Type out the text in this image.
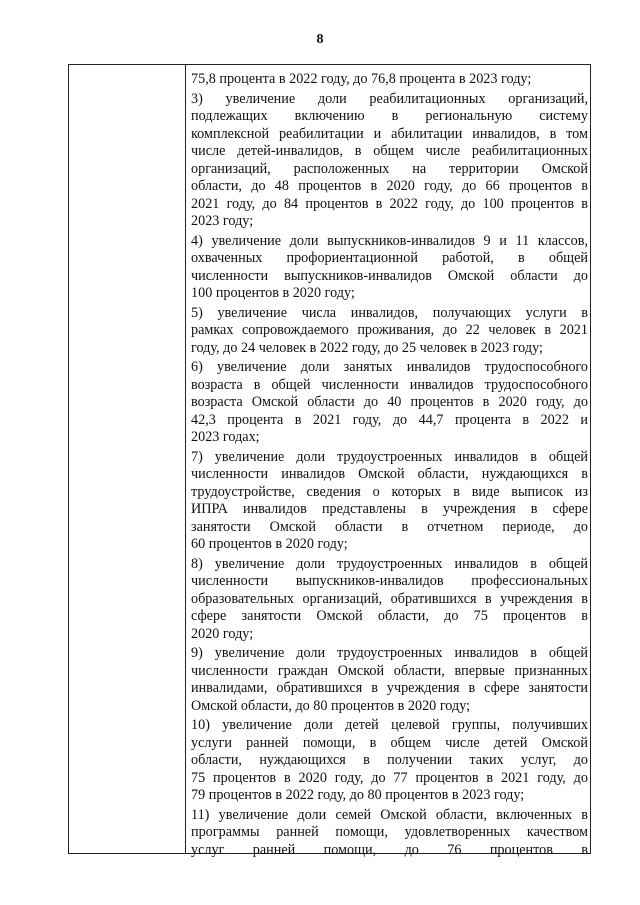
8
75,8 процента в 2022 году, до 76,8 процента в 2023 году;
3) увеличение доли реабилитационных организаций,
подлежащих включению в региональную систему
комплексной реабилитации и абилитации инвалидов, в том
числе детей-инвалидов, в общем числе реабилитационных
организаций, расположенных на территории Омской
области, до 48 процентов в 2020 году, до 66 процентов в
2021 году, до 84 процентов в 2022 году, до 100 процентов в
2023 году;
4) увеличение доли выпускников-инвалидов 9 и 11 классов,
охваченных профориентационной работой, в общей
численности выпускников-инвалидов Омской области до
100 процентов в 2020 году;
5) увеличение числа инвалидов, получающих услуги в
рамках сопровождаемого проживания, до 22 человек в 2021
году, до 24 человек в 2022 году, до 25 человек в 2023 году;
6) увеличение доли занятых инвалидов трудоспособного
возраста в общей численности инвалидов трудоспособного
возраста Омской области до 40 процентов в 2020 году, до
42,3 процента в 2021 году, до 44,7 процента в 2022 и
2023 годах;
7) увеличение доли трудоустроенных инвалидов в общей
численности инвалидов Омской области, нуждающихся в
трудоустройстве, сведения о которых в виде выписок из
ИПРА инвалидов представлены в учреждения в сфере
занятости Омской области в отчетном периоде, до
60 процентов в 2020 году;
8) увеличение доли трудоустроенных инвалидов в общей
численности выпускников-инвалидов профессиональных
образовательных организаций, обратившихся в учреждения в
сфере занятости Омской области, до 75 процентов в
2020 году;
9) увеличение доли трудоустроенных инвалидов в общей
численности граждан Омской области, впервые признанных
инвалидами, обратившихся в учреждения в сфере занятости
Омской области, до 80 процентов в 2020 году;
10) увеличение доли детей целевой группы, получивших
услуги ранней помощи, в общем числе детей Омской
области, нуждающихся в получении таких услуг, до
75 процентов в 2020 году, до 77 процентов в 2021 году, до
79 процентов в 2022 году, до 80 процентов в 2023 году;
11) увеличение доли семей Омской области, включенных в
программы ранней помощи, удовлетворенных качеством
услуг ранней помощи, до 76 процентов в
